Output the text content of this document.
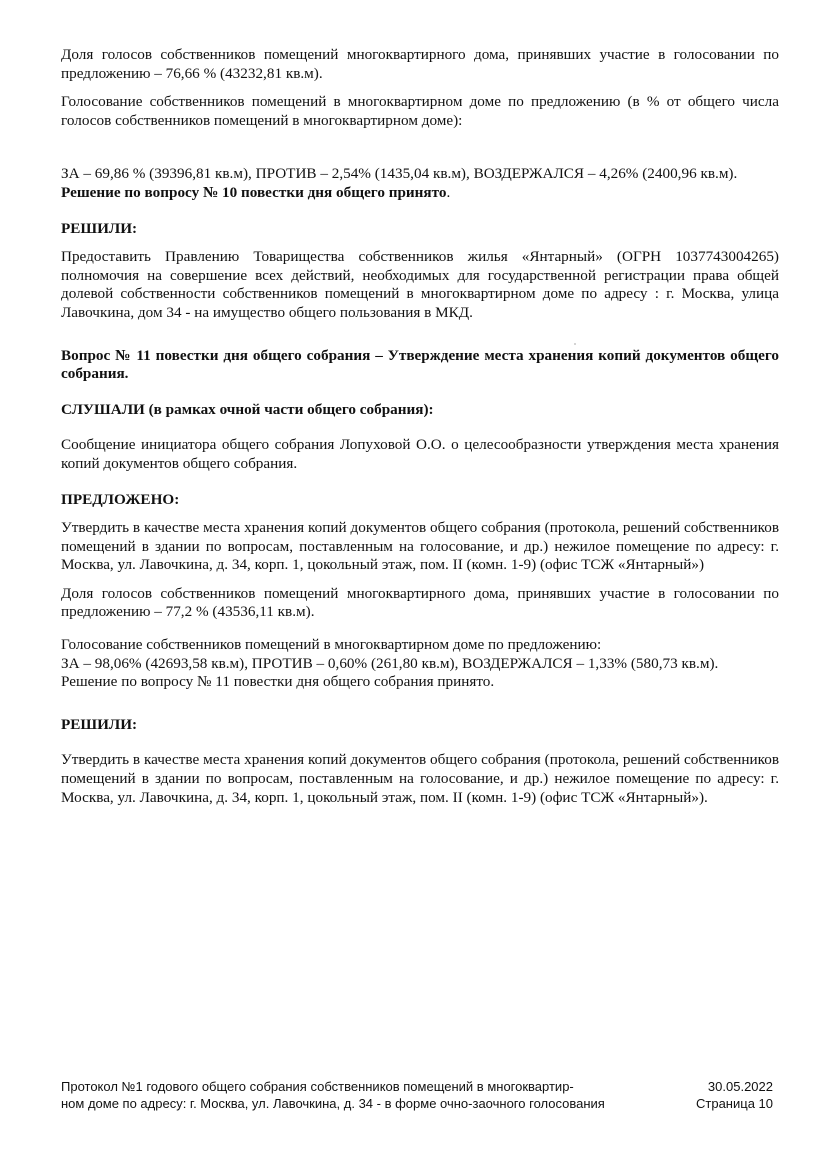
Доля голосов собственников помещений многоквартирного дома, принявших участие в голосовании по предложению – 76,66 % (43232,81 кв.м).

Голосование собственников помещений в многоквартирном доме по предложению (в % от общего числа голосов собственников помещений в многоквартирном доме):

ЗА – 69,86 % (39396,81 кв.м), ПРОТИВ – 2,54% (1435,04 кв.м), ВОЗДЕРЖАЛСЯ – 4,26% (2400,96 кв.м).

Решение по вопросу № 10 повестки дня общего принято.

РЕШИЛИ:

Предоставить Правлению Товарищества собственников жилья «Янтарный» (ОГРН 1037743004265) полномочия на совершение всех действий, необходимых для государственной регистрации права общей долевой собственности собственников помещений в многоквартирном доме по адресу : г. Москва, улица Лавочкина, дом 34 - на имущество общего пользования в МКД.

Вопрос № 11 повестки дня общего собрания – Утверждение места хранения копий документов общего собрания.

СЛУШАЛИ (в рамках очной части общего собрания):

Сообщение инициатора общего собрания Лопуховой О.О. о целесообразности утверждения места хранения копий документов общего собрания.

ПРЕДЛОЖЕНО:

Утвердить в качестве места хранения копий документов общего собрания (протокола, решений собственников помещений в здании по вопросам, поставленным на голосование, и др.) нежилое помещение по адресу: г. Москва, ул. Лавочкина, д. 34, корп. 1, цокольный этаж, пом. II (комн. 1-9) (офис ТСЖ «Янтарный»)

Доля голосов собственников помещений многоквартирного дома, принявших участие в голосовании по предложению – 77,2 % (43536,11 кв.м).

Голосование собственников помещений в многоквартирном доме по предложению:

ЗА – 98,06% (42693,58 кв.м), ПРОТИВ – 0,60% (261,80 кв.м), ВОЗДЕРЖАЛСЯ – 1,33% (580,73 кв.м).

Решение по вопросу № 11 повестки дня общего собрания принято.

РЕШИЛИ:

Утвердить в качестве места хранения копий документов общего собрания (протокола, решений собственников помещений в здании по вопросам, поставленным на голосование, и др.) нежилое помещение по адресу: г. Москва, ул. Лавочкина, д. 34, корп. 1, цокольный этаж, пом. II (комн. 1-9) (офис ТСЖ «Янтарный»).

Протокол №1 годового общего собрания собственников помещений в многоквартир-
ном доме по адресу: г. Москва, ул. Лавочкина, д. 34 - в форме очно-заочного голосования
30.05.2022
Страница 10
